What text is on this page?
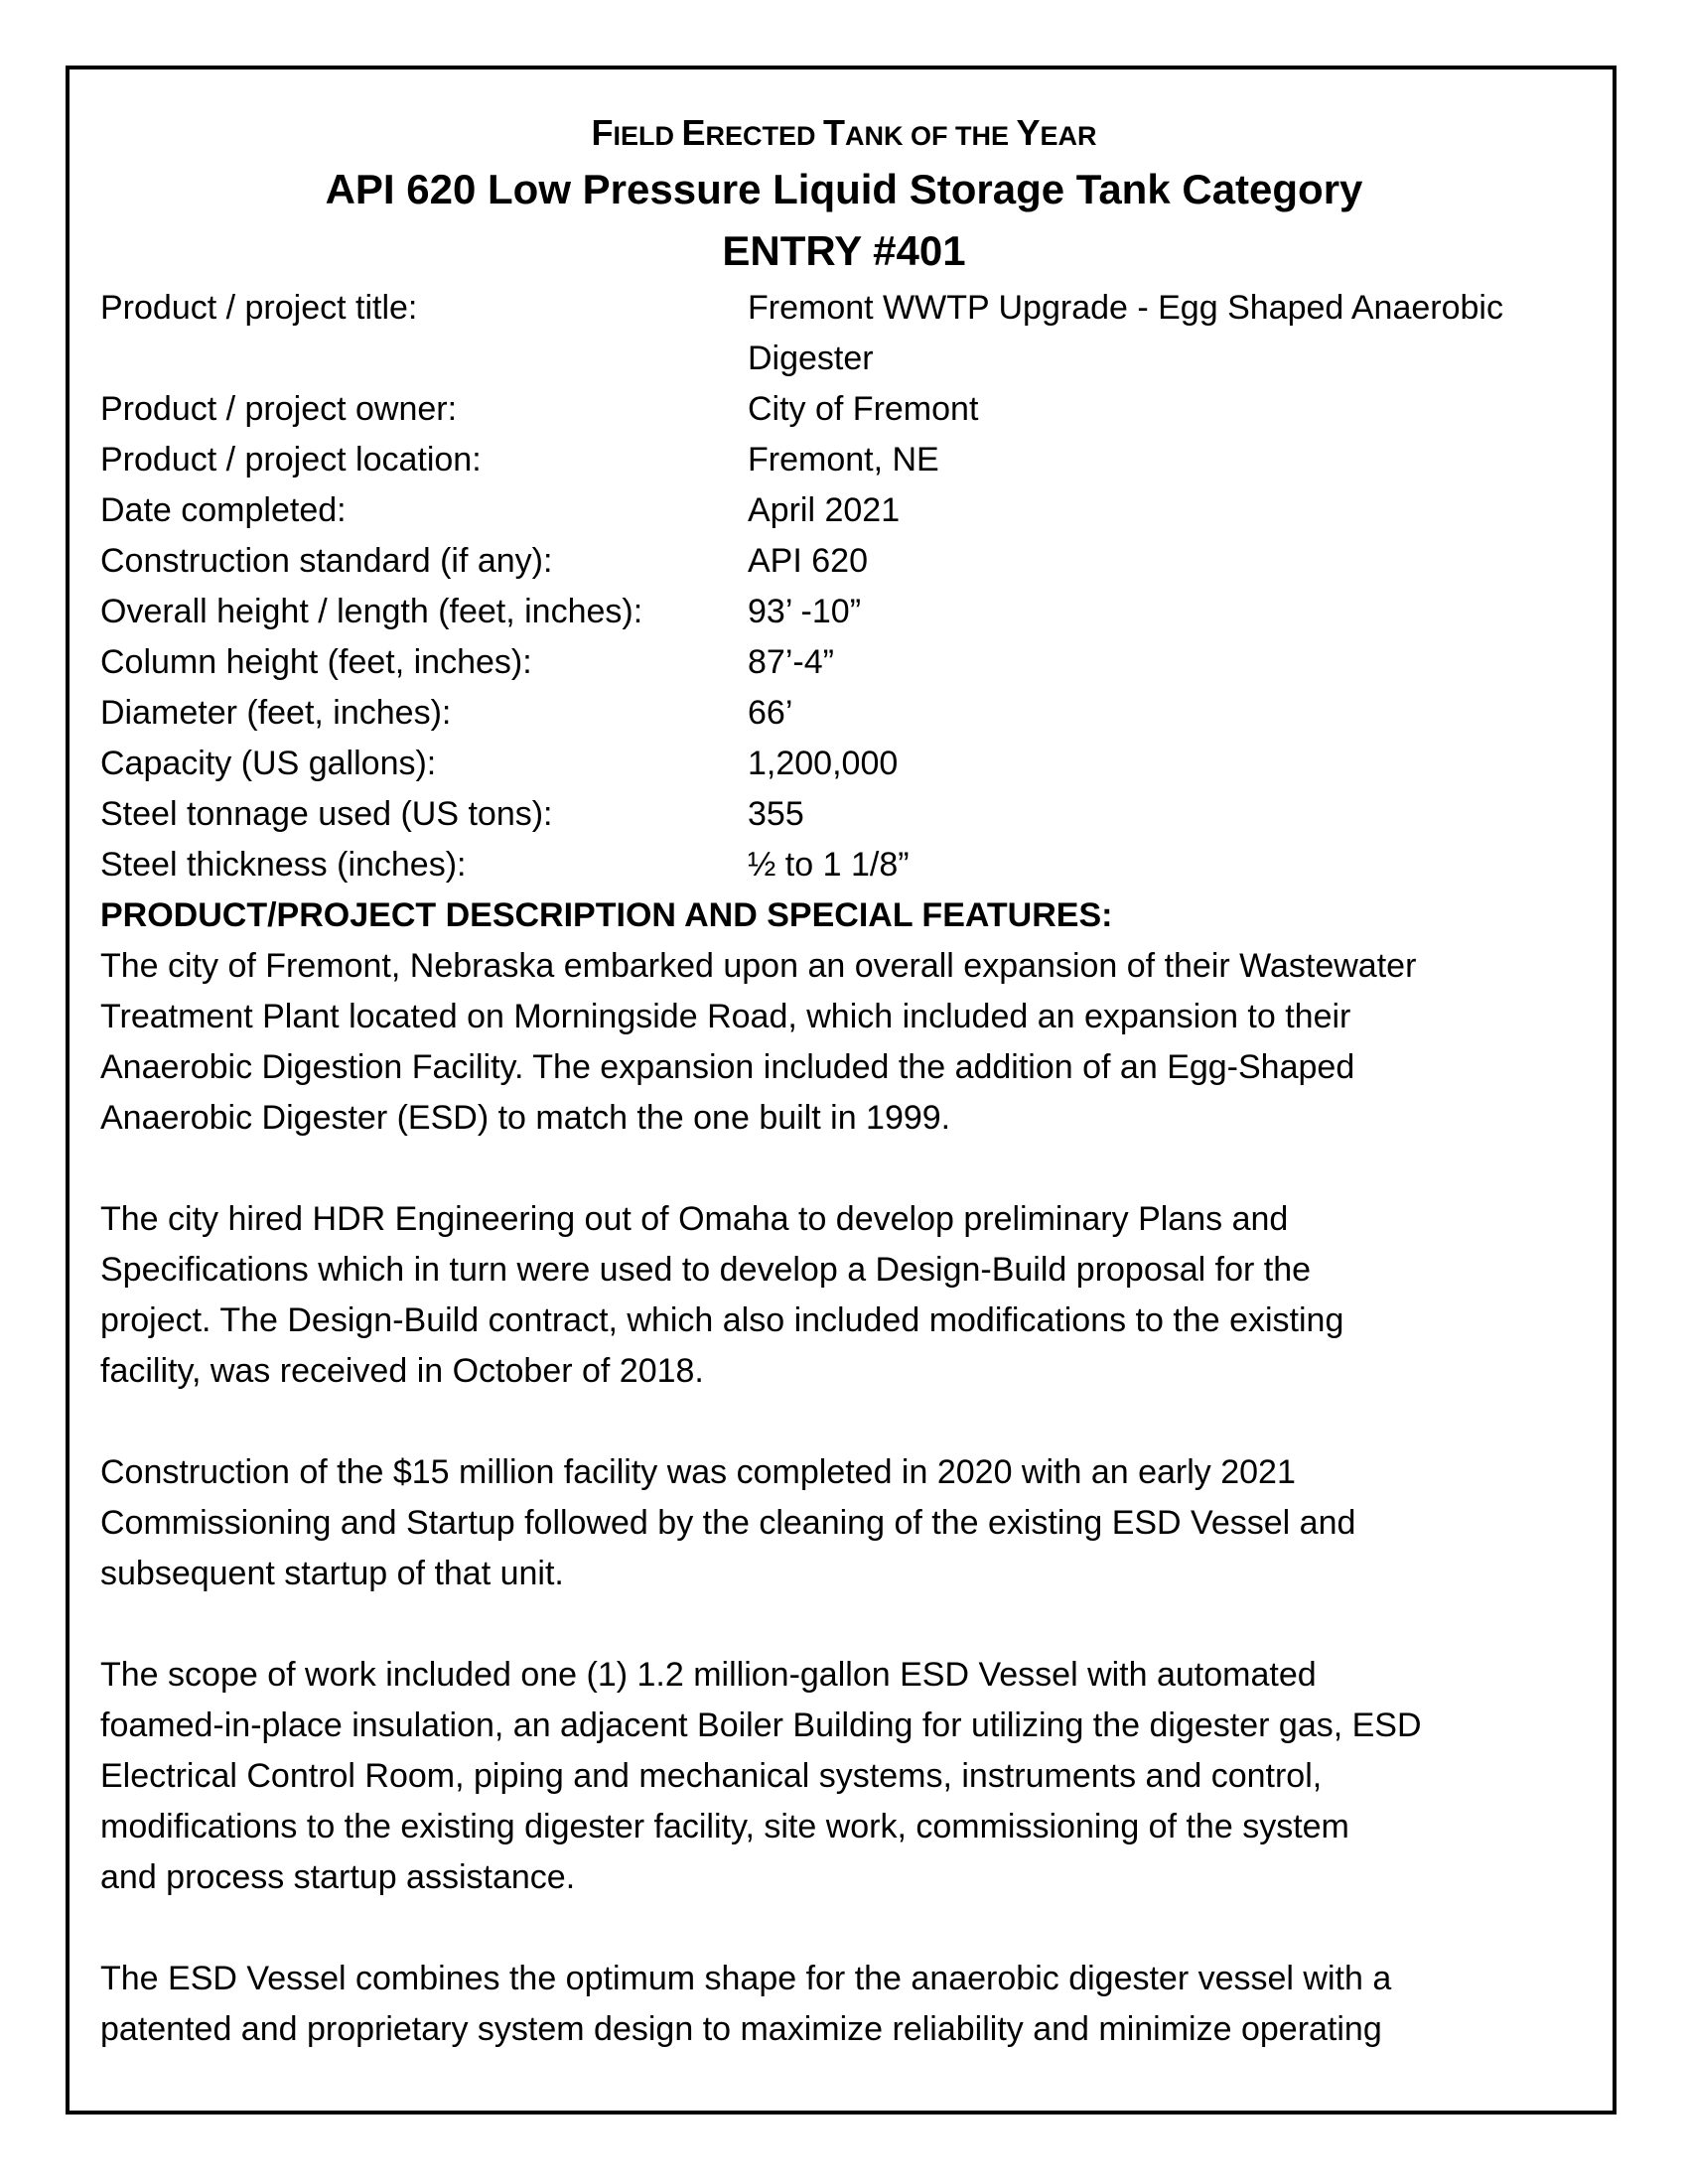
FIELD ERECTED TANK OF THE YEAR
API 620 Low Pressure Liquid Storage Tank Category
ENTRY #401
Product / project title:	Fremont WWTP Upgrade - Egg Shaped Anaerobic
Digester
Product / project owner:	City of Fremont
Product / project location:	Fremont, NE
Date completed:	April 2021
Construction standard (if any):	API 620
Overall height / length (feet, inches):	93’ -10”
Column height (feet, inches):	87’-4”
Diameter (feet, inches):	66’
Capacity (US gallons):	1,200,000
Steel tonnage used (US tons):	355
Steel thickness (inches):	½ to 1 1/8”
PRODUCT/PROJECT DESCRIPTION AND SPECIAL FEATURES:
The city of Fremont, Nebraska embarked upon an overall expansion of their Wastewater
Treatment Plant located on Morningside Road, which included an expansion to their
Anaerobic Digestion Facility. The expansion included the addition of an Egg-Shaped
Anaerobic Digester (ESD) to match the one built in 1999.
The city hired HDR Engineering out of Omaha to develop preliminary Plans and
Specifications which in turn were used to develop a Design-Build proposal for the
project. The Design-Build contract, which also included modifications to the existing
facility, was received in October of 2018.
Construction of the $15 million facility was completed in 2020 with an early 2021
Commissioning and Startup followed by the cleaning of the existing ESD Vessel and
subsequent startup of that unit.
The scope of work included one (1) 1.2 million-gallon ESD Vessel with automated
foamed-in-place insulation, an adjacent Boiler Building for utilizing the digester gas, ESD
Electrical Control Room, piping and mechanical systems, instruments and control,
modifications to the existing digester facility, site work, commissioning of the system
and process startup assistance.
The ESD Vessel combines the optimum shape for the anaerobic digester vessel with a
patented and proprietary system design to maximize reliability and minimize operating
